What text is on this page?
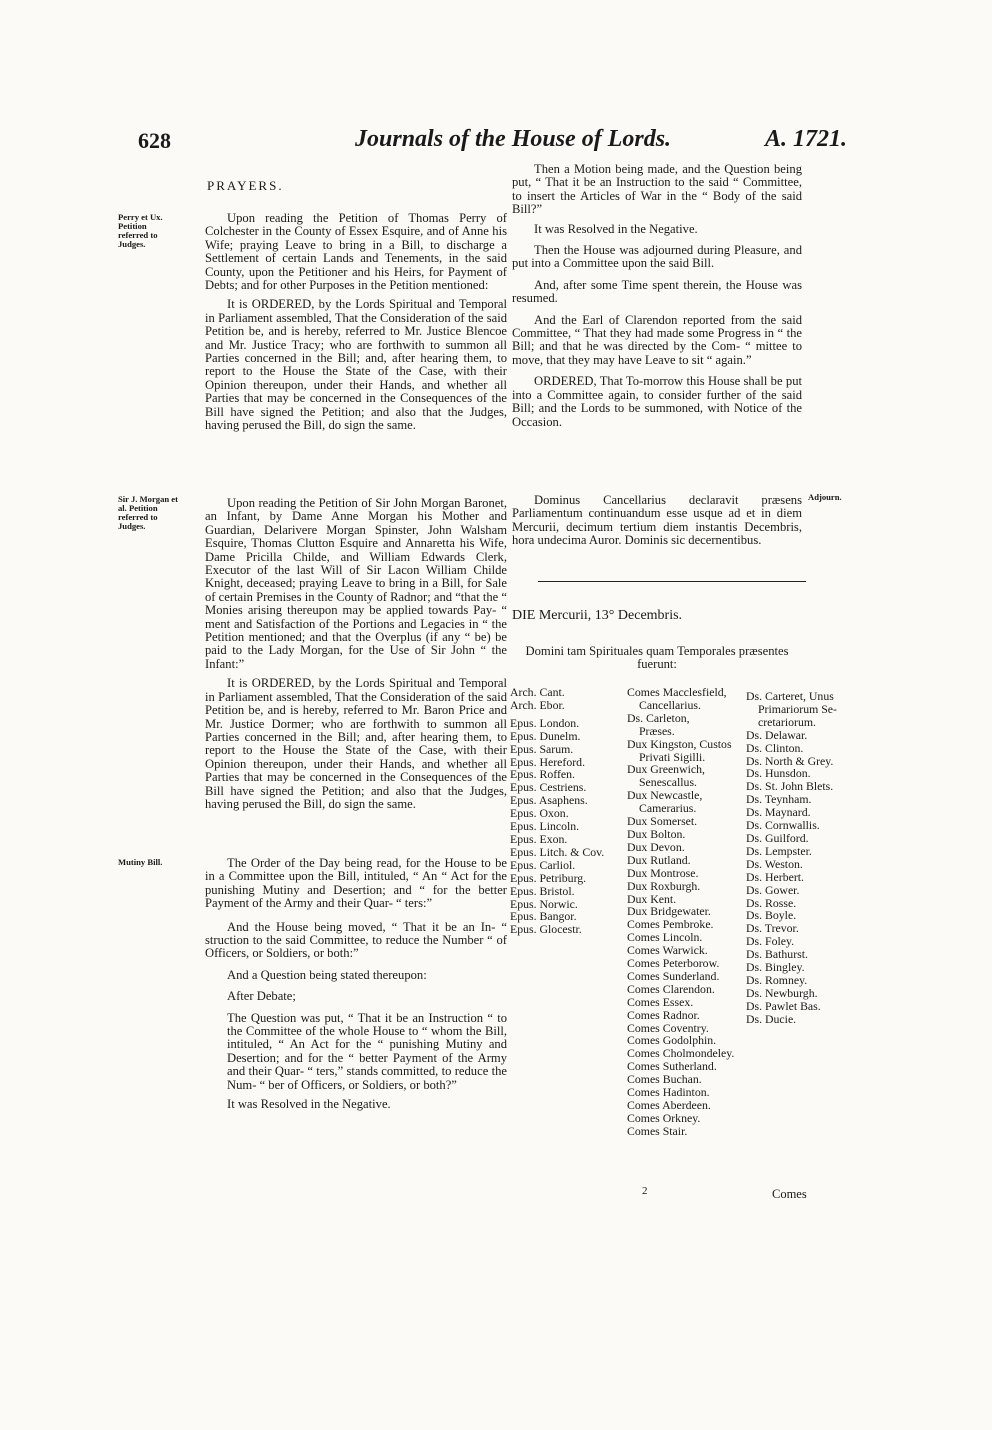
628	Journals of the House of Lords.	A. 1721.
PRAYERS.
Perry et Ux. Petition referred to Judges.
Sir J. Morgan et al. Petition referred to Judges.
Mutiny Bill.

Upon reading the Petition of Thomas Perry of Colchester in the County of Essex Esquire, and of Anne his Wife; praying Leave to bring in a Bill, to discharge a Settlement of certain Lands and Tenements, in the said County, upon the Petitioner and his Heirs, for Payment of Debts; and for other Purposes in the Petition mentioned:

It is ORDERED, by the Lords Spiritual and Temporal in Parliament assembled, That the Consideration of the said Petition be, and is hereby, referred to Mr. Justice Blencoe and Mr. Justice Tracy; who are forthwith to summon all Parties concerned in the Bill; and, after hearing them, to report to the House the State of the Case, with their Opinion thereupon, under their Hands, and whether all Parties that may be concerned in the Consequences of the Bill have signed the Petition; and also that the Judges, having perused the Bill, do sign the same.

Upon reading the Petition of Sir John Morgan Baronet, an Infant, by Dame Anne Morgan his Mother and Guardian, Delarivere Morgan Spinster, John Walsham Esquire, Thomas Clutton Esquire and Annaretta his Wife, Dame Pricilla Childe, and William Edwards Clerk, Executor of the last Will of Sir Lacon William Childe Knight, deceased; praying Leave to bring in a Bill, for Sale of certain Premises in the County of Radnor; and “that the “ Monies arising thereupon may be applied towards Pay- “ ment and Satisfaction of the Portions and Legacies in “ the Petition mentioned; and that the Overplus (if any “ be) be paid to the Lady Morgan, for the Use of Sir John “ the Infant:”

It is ORDERED, by the Lords Spiritual and Temporal in Parliament assembled, That the Consideration of the said Petition be, and is hereby, referred to Mr. Baron Price and Mr. Justice Dormer; who are forthwith to summon all Parties concerned in the Bill; and, after hearing them, to report to the House the State of the Case, with their Opinion thereupon, under their Hands, and whether all Parties that may be concerned in the Consequences of the Bill have signed the Petition; and also that the Judges, having perused the Bill, do sign the same.

The Order of the Day being read, for the House to be in a Committee upon the Bill, intituled, “ An “ Act for the punishing Mutiny and Desertion; and “ for the better Payment of the Army and their Quar- “ ters:”

And the House being moved, “ That it be an In- “ struction to the said Committee, to reduce the Number “ of Officers, or Soldiers, or both:”

And a Question being stated thereupon:

After Debate;

The Question was put, “ That it be an Instruction “ to the Committee of the whole House to “ whom the Bill, intituled, “ An Act for the “ punishing Mutiny and Desertion; and for the “ better Payment of the Army and their Quar- “ ters,” stands committed, to reduce the Num- “ ber of Officers, or Soldiers, or both?”

It was Resolved in the Negative.

Then a Motion being made, and the Question being put, “ That it be an Instruction to the said “ Committee, to insert the Articles of War in the “ Body of the said Bill?”

It was Resolved in the Negative.

Then the House was adjourned during Pleasure, and put into a Committee upon the said Bill.

And, after some Time spent therein, the House was resumed.

And the Earl of Clarendon reported from the said Committee, “ That they had made some Progress in “ the Bill; and that he was directed by the Com- “ mittee to move, that they may have Leave to sit “ again.”

ORDERED, That To-morrow this House shall be put into a Committee again, to consider further of the said Bill; and the Lords to be summoned, with Notice of the Occasion.

Adjourn.

Dominus Cancellarius declaravit præsens Parliamentum continuandum esse usque ad et in diem Mercurii, decimum tertium diem instantis Decembris, hora undecima Auror. Dominis sic decernentibus.

DIE Mercurii, 13° Decembris.
Domini tam Spirituales quam Temporales præsentes fuerunt:
Arch. Cant.
Arch. Ebor.

Epus. London.
Epus. Dunelm.
Epus. Sarum.
Epus. Hereford.
Epus. Roffen.
Epus. Cestriens.
Epus. Asaphens.
Epus. Oxon.
Epus. Lincoln.
Epus. Exon.
Epus. Litch. & Cov.
Epus. Carliol.
Epus. Petriburg.
Epus. Bristol.
Epus. Norwic.
Epus. Bangor.
Epus. Glocestr.
Comes Macclesfield,
Cancellarius.
Ds. Carleton,
Præses.
Dux Kingston, Custos
Privati Sigilli.
Dux Greenwich,
Senescallus.
Dux Newcastle,
Camerarius.
Dux Somerset.
Dux Bolton.
Dux Devon.
Dux Rutland.
Dux Montrose.
Dux Roxburgh.
Dux Kent.
Dux Bridgewater.
Comes Pembroke.
Comes Lincoln.
Comes Warwick.
Comes Peterborow.
Comes Sunderland.
Comes Clarendon.
Comes Essex.
Comes Radnor.
Comes Coventry.
Comes Godolphin.
Comes Cholmondeley.
Comes Sutherland.
Comes Buchan.
Comes Hadinton.
Comes Aberdeen.
Comes Orkney.
Comes Stair.
Ds. Carteret, Unus
Primariorum Se-
cretariorum.
Ds. Delawar.
Ds. Clinton.
Ds. North & Grey.
Ds. Hunsdon.
Ds. St. John Blets.
Ds. Teynham.
Ds. Maynard.
Ds. Cornwallis.
Ds. Guilford.
Ds. Lempster.
Ds. Weston.
Ds. Herbert.
Ds. Gower.
Ds. Rosse.
Ds. Boyle.
Ds. Trevor.
Ds. Foley.
Ds. Bathurst.
Ds. Bingley.
Ds. Romney.
Ds. Newburgh.
Ds. Pawlet Bas.
Ds. Ducie.
2	Comes
